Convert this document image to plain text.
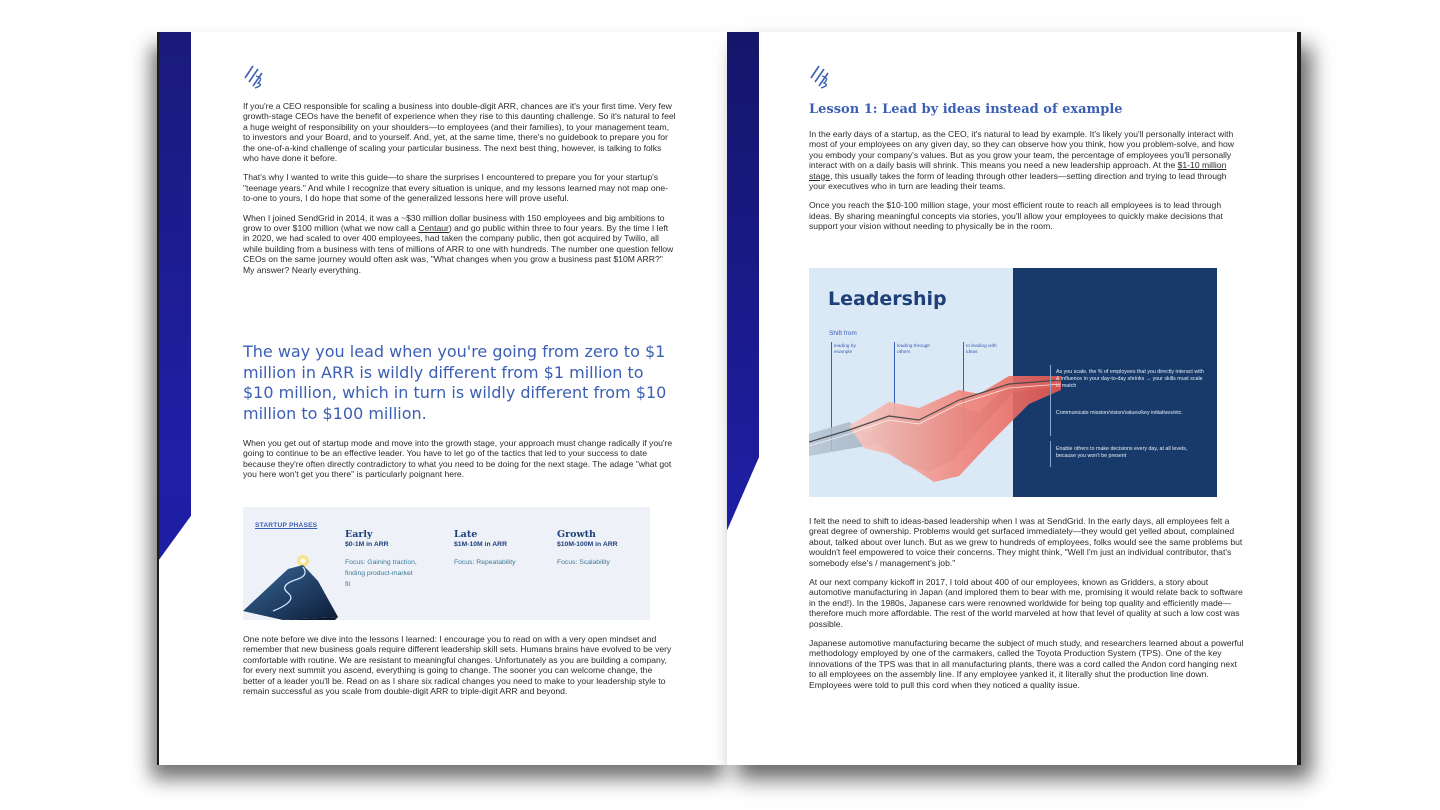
If you're a CEO responsible for scaling a business into double-digit ARR, chances are it's your first time. Very few growth-stage CEOs have the benefit of experience when they rise to this daunting challenge. So it's natural to feel a huge weight of responsibility on your shoulders—to employees (and their families), to your management team, to investors and your Board, and to yourself. And, yet, at the same time, there's no guidebook to prepare you for the one-of-a-kind challenge of scaling your particular business. The next best thing, however, is talking to folks who have done it before.

That's why I wanted to write this guide—to share the surprises I encountered to prepare you for your startup's "teenage years." And while I recognize that every situation is unique, and my lessons learned may not map one-to-one to yours, I do hope that some of the generalized lessons here will prove useful.

When I joined SendGrid in 2014, it was a ~$30 million dollar business with 150 employees and big ambitions to grow to over $100 million (what we now call a Centaur) and go public within three to four years. By the time I left in 2020, we had scaled to over 400 employees, had taken the company public, then got acquired by Twilio, all while building from a business with tens of millions of ARR to one with hundreds. The number one question fellow CEOs on the same journey would often ask was, "What changes when you grow a business past $10M ARR?" My answer? Nearly everything.

The way you lead when you're going from zero to $1 million in ARR is wildly different from $1 million to $10 million, which in turn is wildly different from $10 million to $100 million.

When you get out of startup mode and move into the growth stage, your approach must change radically if you're going to continue to be an effective leader. You have to let go of the tactics that led to your success to date because they're often directly contradictory to what you need to be doing for the next stage. The adage "what got you here won't get you there" is particularly poignant here.

STARTUP PHASES
Early
$0-1M in ARR
Focus: Gaining traction, finding product-market fit
Late
$1M-10M in ARR
Focus: Repeatability
Growth
$10M-100M in ARR
Focus: Scalability

One note before we dive into the lessons I learned: I encourage you to read on with a very open mindset and remember that new business goals require different leadership skill sets. Humans brains have evolved to be very comfortable with routine. We are resistant to meaningful changes. Unfortunately as you are building a company, for every next summit you ascend, everything is going to change. The sooner you can welcome change, the better of a leader you'll be. Read on as I share six radical changes you need to make to your leadership style to remain successful as you scale from double-digit ARR to triple-digit ARR and beyond.

Lesson 1: Lead by ideas instead of example

In the early days of a startup, as the CEO, it's natural to lead by example. It's likely you'll personally interact with most of your employees on any given day, so they can observe how you think, how you problem-solve, and how you embody your company's values. But as you grow your team, the percentage of employees you'll personally interact with on a daily basis will shrink. This means you need a new leadership approach. At the $1-10 million stage, this usually takes the form of leading through other leaders—setting direction and trying to lead through your executives who in turn are leading their teams.

Once you reach the $10-100 million stage, your most efficient route to reach all employees is to lead through ideas. By sharing meaningful concepts via stories, you'll allow your employees to quickly make decisions that support your vision without needing to physically be in the room.

Leadership
Shift from
leading by example
leading through others
to leading with ideas
As you scale, the % of employees that you directly interact with & influence in your day-to-day shrinks → your skills must scale to match
Communicate mission/vision/values/key initiatives/etc.
Enable others to make decisions every day, at all levels, because you won't be present

I felt the need to shift to ideas-based leadership when I was at SendGrid. In the early days, all employees felt a great degree of ownership. Problems would get surfaced immediately—they would get yelled about, complained about, talked about over lunch. But as we grew to hundreds of employees, folks would see the same problems but wouldn't feel empowered to voice their concerns. They might think, "Well I'm just an individual contributor, that's somebody else's / management's job."

At our next company kickoff in 2017, I told about 400 of our employees, known as Gridders, a story about automotive manufacturing in Japan (and implored them to bear with me, promising it would relate back to software in the end!). In the 1980s, Japanese cars were renowned worldwide for being top quality and efficiently made—therefore much more affordable. The rest of the world marveled at how that level of quality at such a low cost was possible.

Japanese automotive manufacturing became the subject of much study, and researchers learned about a powerful methodology employed by one of the carmakers, called the Toyota Production System (TPS). One of the key innovations of the TPS was that in all manufacturing plants, there was a cord called the Andon cord hanging next to all employees on the assembly line. If any employee yanked it, it literally shut the production line down. Employees were told to pull this cord when they noticed a quality issue.
